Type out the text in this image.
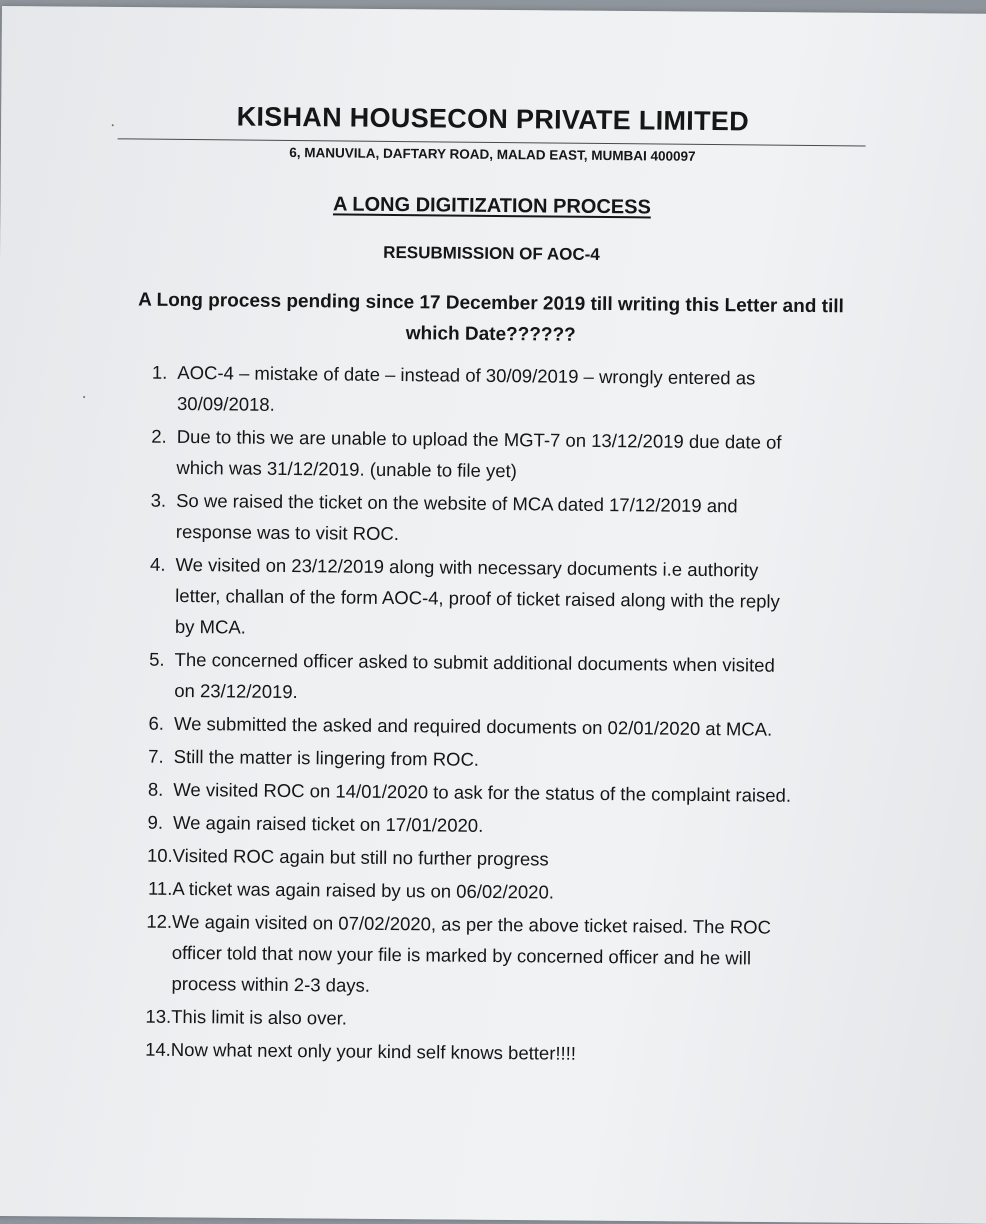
KISHAN HOUSECON PRIVATE LIMITED
6, MANUVILA, DAFTARY ROAD, MALAD EAST, MUMBAI 400097
A LONG DIGITIZATION PROCESS
RESUBMISSION OF AOC-4
A Long process pending since 17 December 2019 till writing this Letter and till
which Date??????
1. AOC-4 – mistake of date – instead of 30/09/2019 – wrongly entered as
30/09/2018.
2. Due to this we are unable to upload the MGT-7 on 13/12/2019 due date of
which was 31/12/2019. (unable to file yet)
3. So we raised the ticket on the website of MCA dated 17/12/2019 and
response was to visit ROC.
4. We visited on 23/12/2019 along with necessary documents i.e authority
letter, challan of the form AOC-4, proof of ticket raised along with the reply
by MCA.
5. The concerned officer asked to submit additional documents when visited
on 23/12/2019.
6. We submitted the asked and required documents on 02/01/2020 at MCA.
7. Still the matter is lingering from ROC.
8. We visited ROC on 14/01/2020 to ask for the status of the complaint raised.
9. We again raised ticket on 17/01/2020.
10. Visited ROC again but still no further progress
11. A ticket was again raised by us on 06/02/2020.
12. We again visited on 07/02/2020, as per the above ticket raised. The ROC
officer told that now your file is marked by concerned officer and he will
process within 2-3 days.
13. This limit is also over.
14. Now what next only your kind self knows better!!!!
